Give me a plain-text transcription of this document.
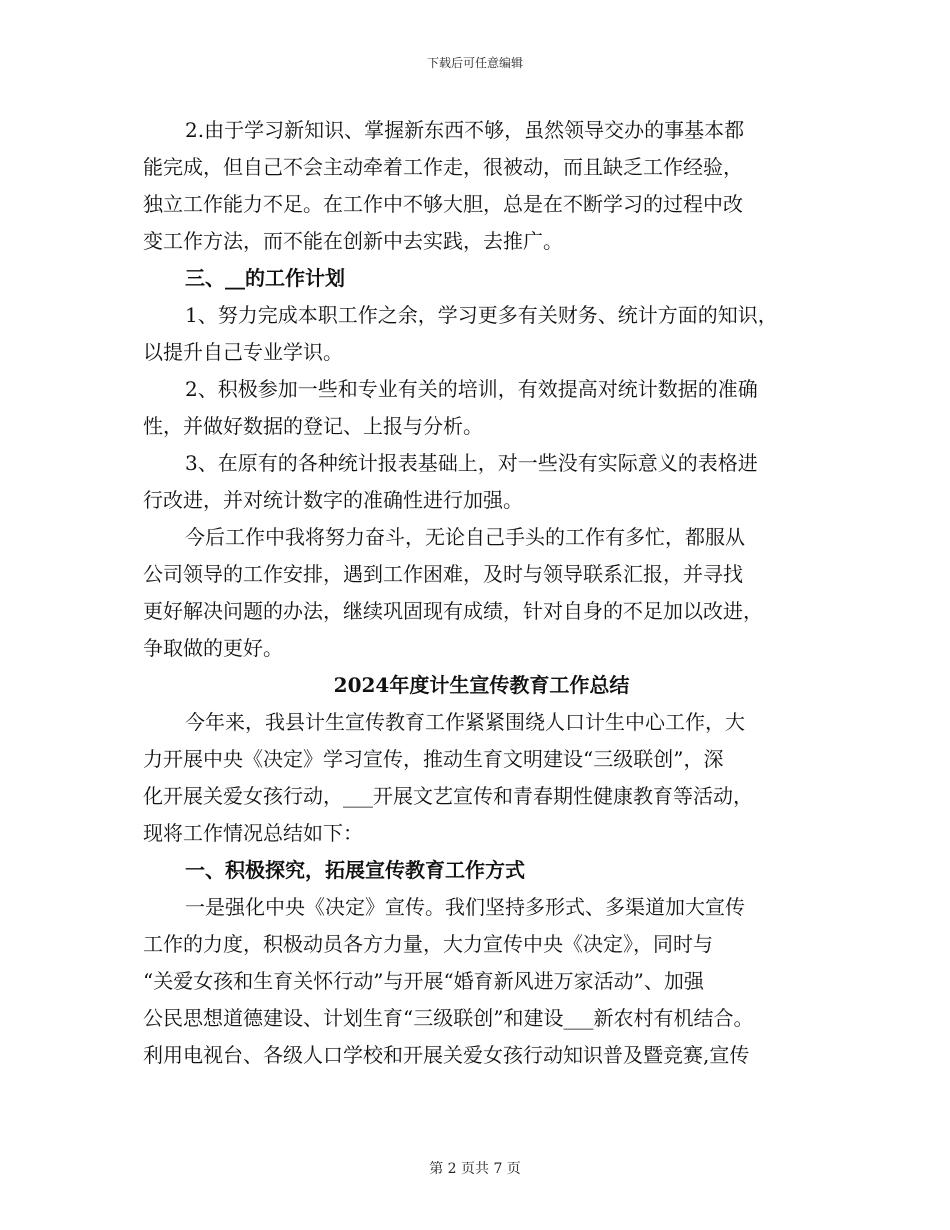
下载后可任意编辑
2.由于学习新知识、掌握新东西不够，虽然领导交办的事基本都
能完成，但自己不会主动牵着工作走，很被动，而且缺乏工作经验，
独立工作能力不足。在工作中不够大胆，总是在不断学习的过程中改
变工作方法，而不能在创新中去实践，去推广。
三、__的工作计划
1、努力完成本职工作之余，学习更多有关财务、统计方面的知识，
以提升自己专业学识。
2、积极参加一些和专业有关的培训，有效提高对统计数据的准确
性，并做好数据的登记、上报与分析。
3、在原有的各种统计报表基础上，对一些没有实际意义的表格进
行改进，并对统计数字的准确性进行加强。
今后工作中我将努力奋斗，无论自己手头的工作有多忙，都服从
公司领导的工作安排，遇到工作困难，及时与领导联系汇报，并寻找
更好解决问题的办法，继续巩固现有成绩，针对自身的不足加以改进，
争取做的更好。
2024年度计生宣传教育工作总结
今年来，我县计生宣传教育工作紧紧围绕人口计生中心工作，大
力开展中央《决定》学习宣传，推动生育文明建设“三级联创”，深
化开展关爱女孩行动，___开展文艺宣传和青春期性健康教育等活动，
现将工作情况总结如下：
一、积极探究，拓展宣传教育工作方式
一是强化中央《决定》宣传。我们坚持多形式、多渠道加大宣传
工作的力度，积极动员各方力量，大力宣传中央《决定》，同时与
“关爱女孩和生育关怀行动”与开展“婚育新风进万家活动”、加强
公民思想道德建设、计划生育“三级联创”和建设___新农村有机结合。
利用电视台、各级人口学校和开展关爱女孩行动知识普及暨竞赛,宣传
第 2 页共 7 页
